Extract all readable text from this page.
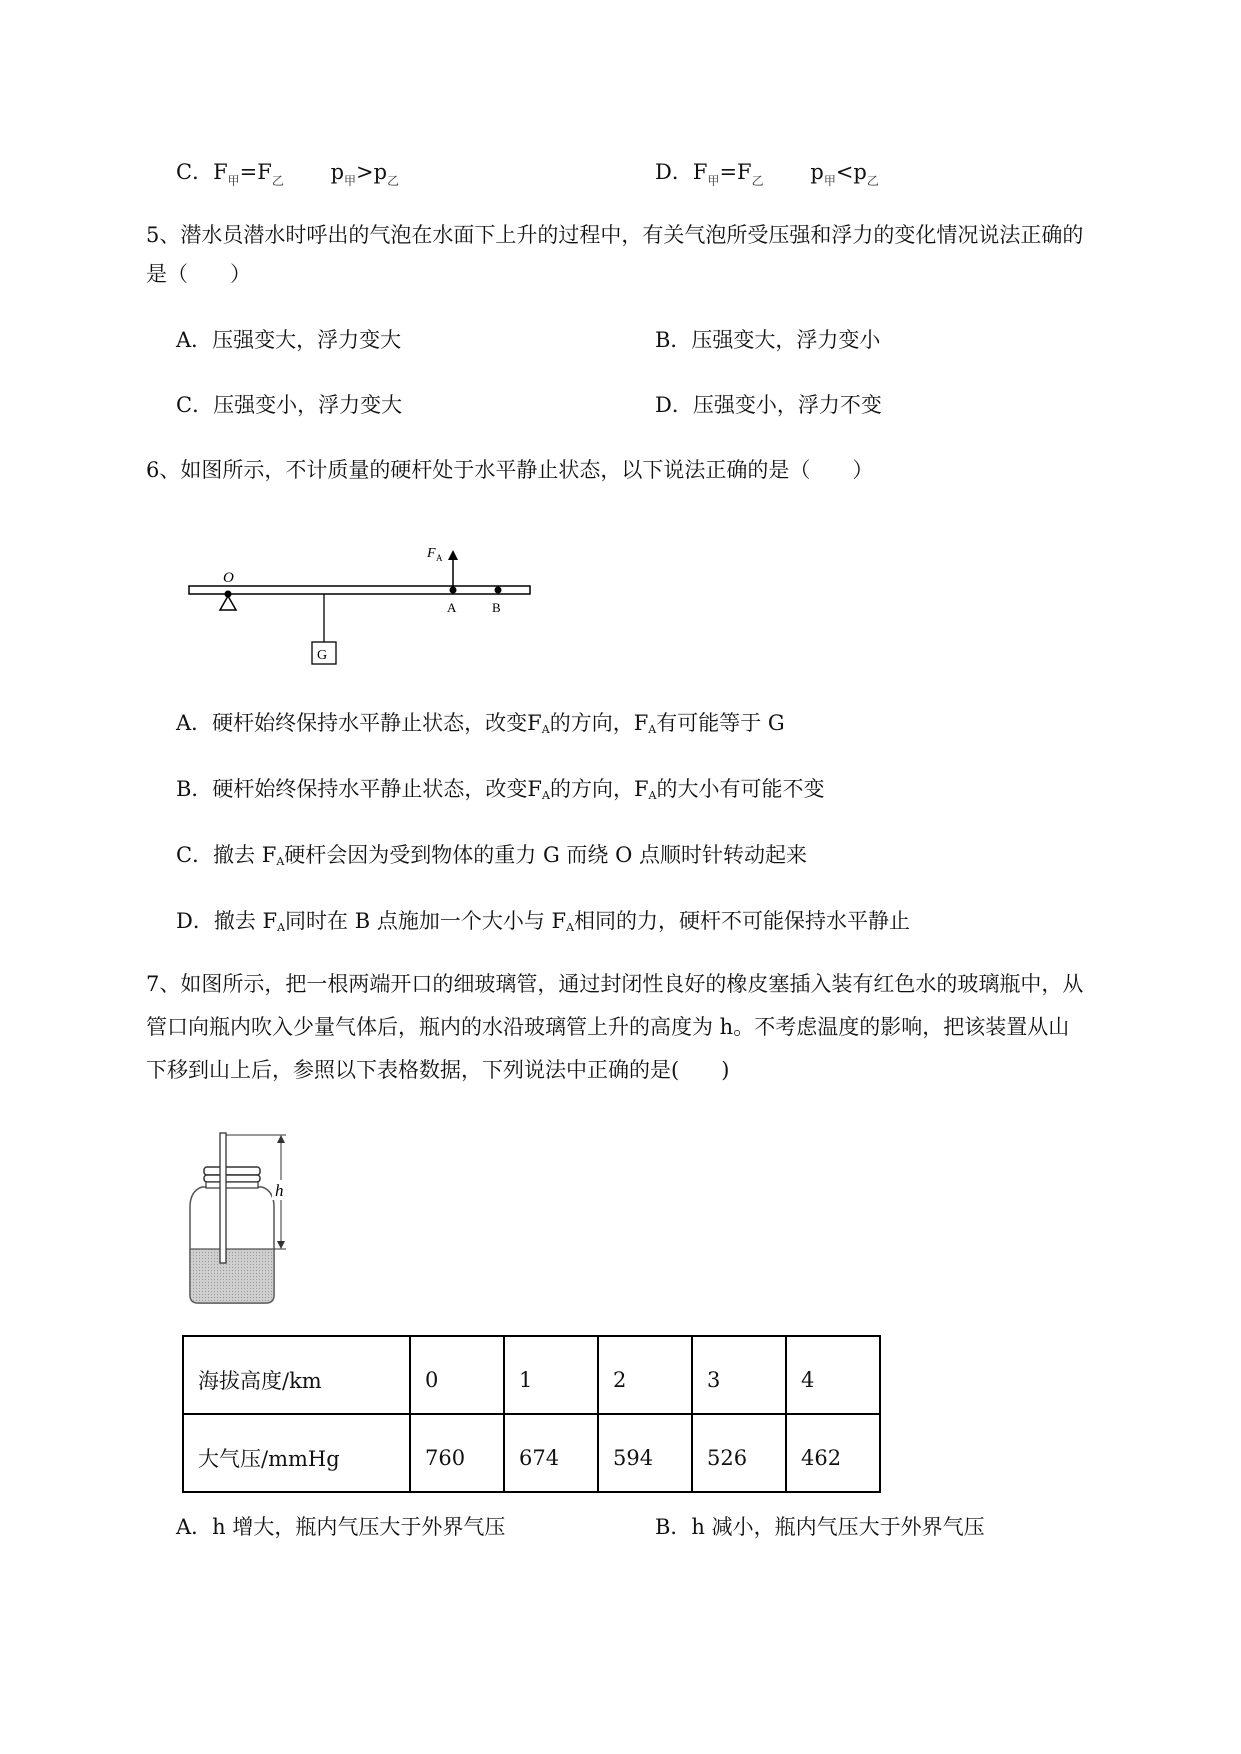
C．$F_甲=F_乙$ $p_甲>p_乙$	D．$F_甲=F_乙$ $p_甲<p_乙$
5、潜水员潜水时呼出的气泡在水面下上升的过程中，有关气泡所受压强和浮力的变化情况说法正确的
是（　　）
A．压强变大，浮力变大	B．压强变大，浮力变小
C．压强变小，浮力变大	D．压强变小，浮力不变
6、如图所示，不计质量的硬杆处于水平静止状态，以下说法正确的是（　　）
O
G
F A
A	B
A．硬杆始终保持水平静止状态，改变$F_A$的方向，$F_A$有可能等于 G
B．硬杆始终保持水平静止状态，改变$F_A$的方向，$F_A$的大小有可能不变
C．撤去 $F_A$硬杆会因为受到物体的重力 G 而绕 O 点顺时针转动起来
D．撤去 $F_A$同时在 B 点施加一个大小与 $F_A$相同的力，硬杆不可能保持水平静止
7、如图所示，把一根两端开口的细玻璃管，通过封闭性良好的橡皮塞插入装有红色水的玻璃瓶中，从
管口向瓶内吹入少量气体后，瓶内的水沿玻璃管上升的高度为 h。不考虑温度的影响，把该装置从山
下移到山上后，参照以下表格数据，下列说法中正确的是(　　)
h
海拔高度/km	0	1	2	3	4
大气压/mmHg	760	674	594	526	462
A．h 增大，瓶内气压大于外界气压	B．h 减小，瓶内气压大于外界气压
